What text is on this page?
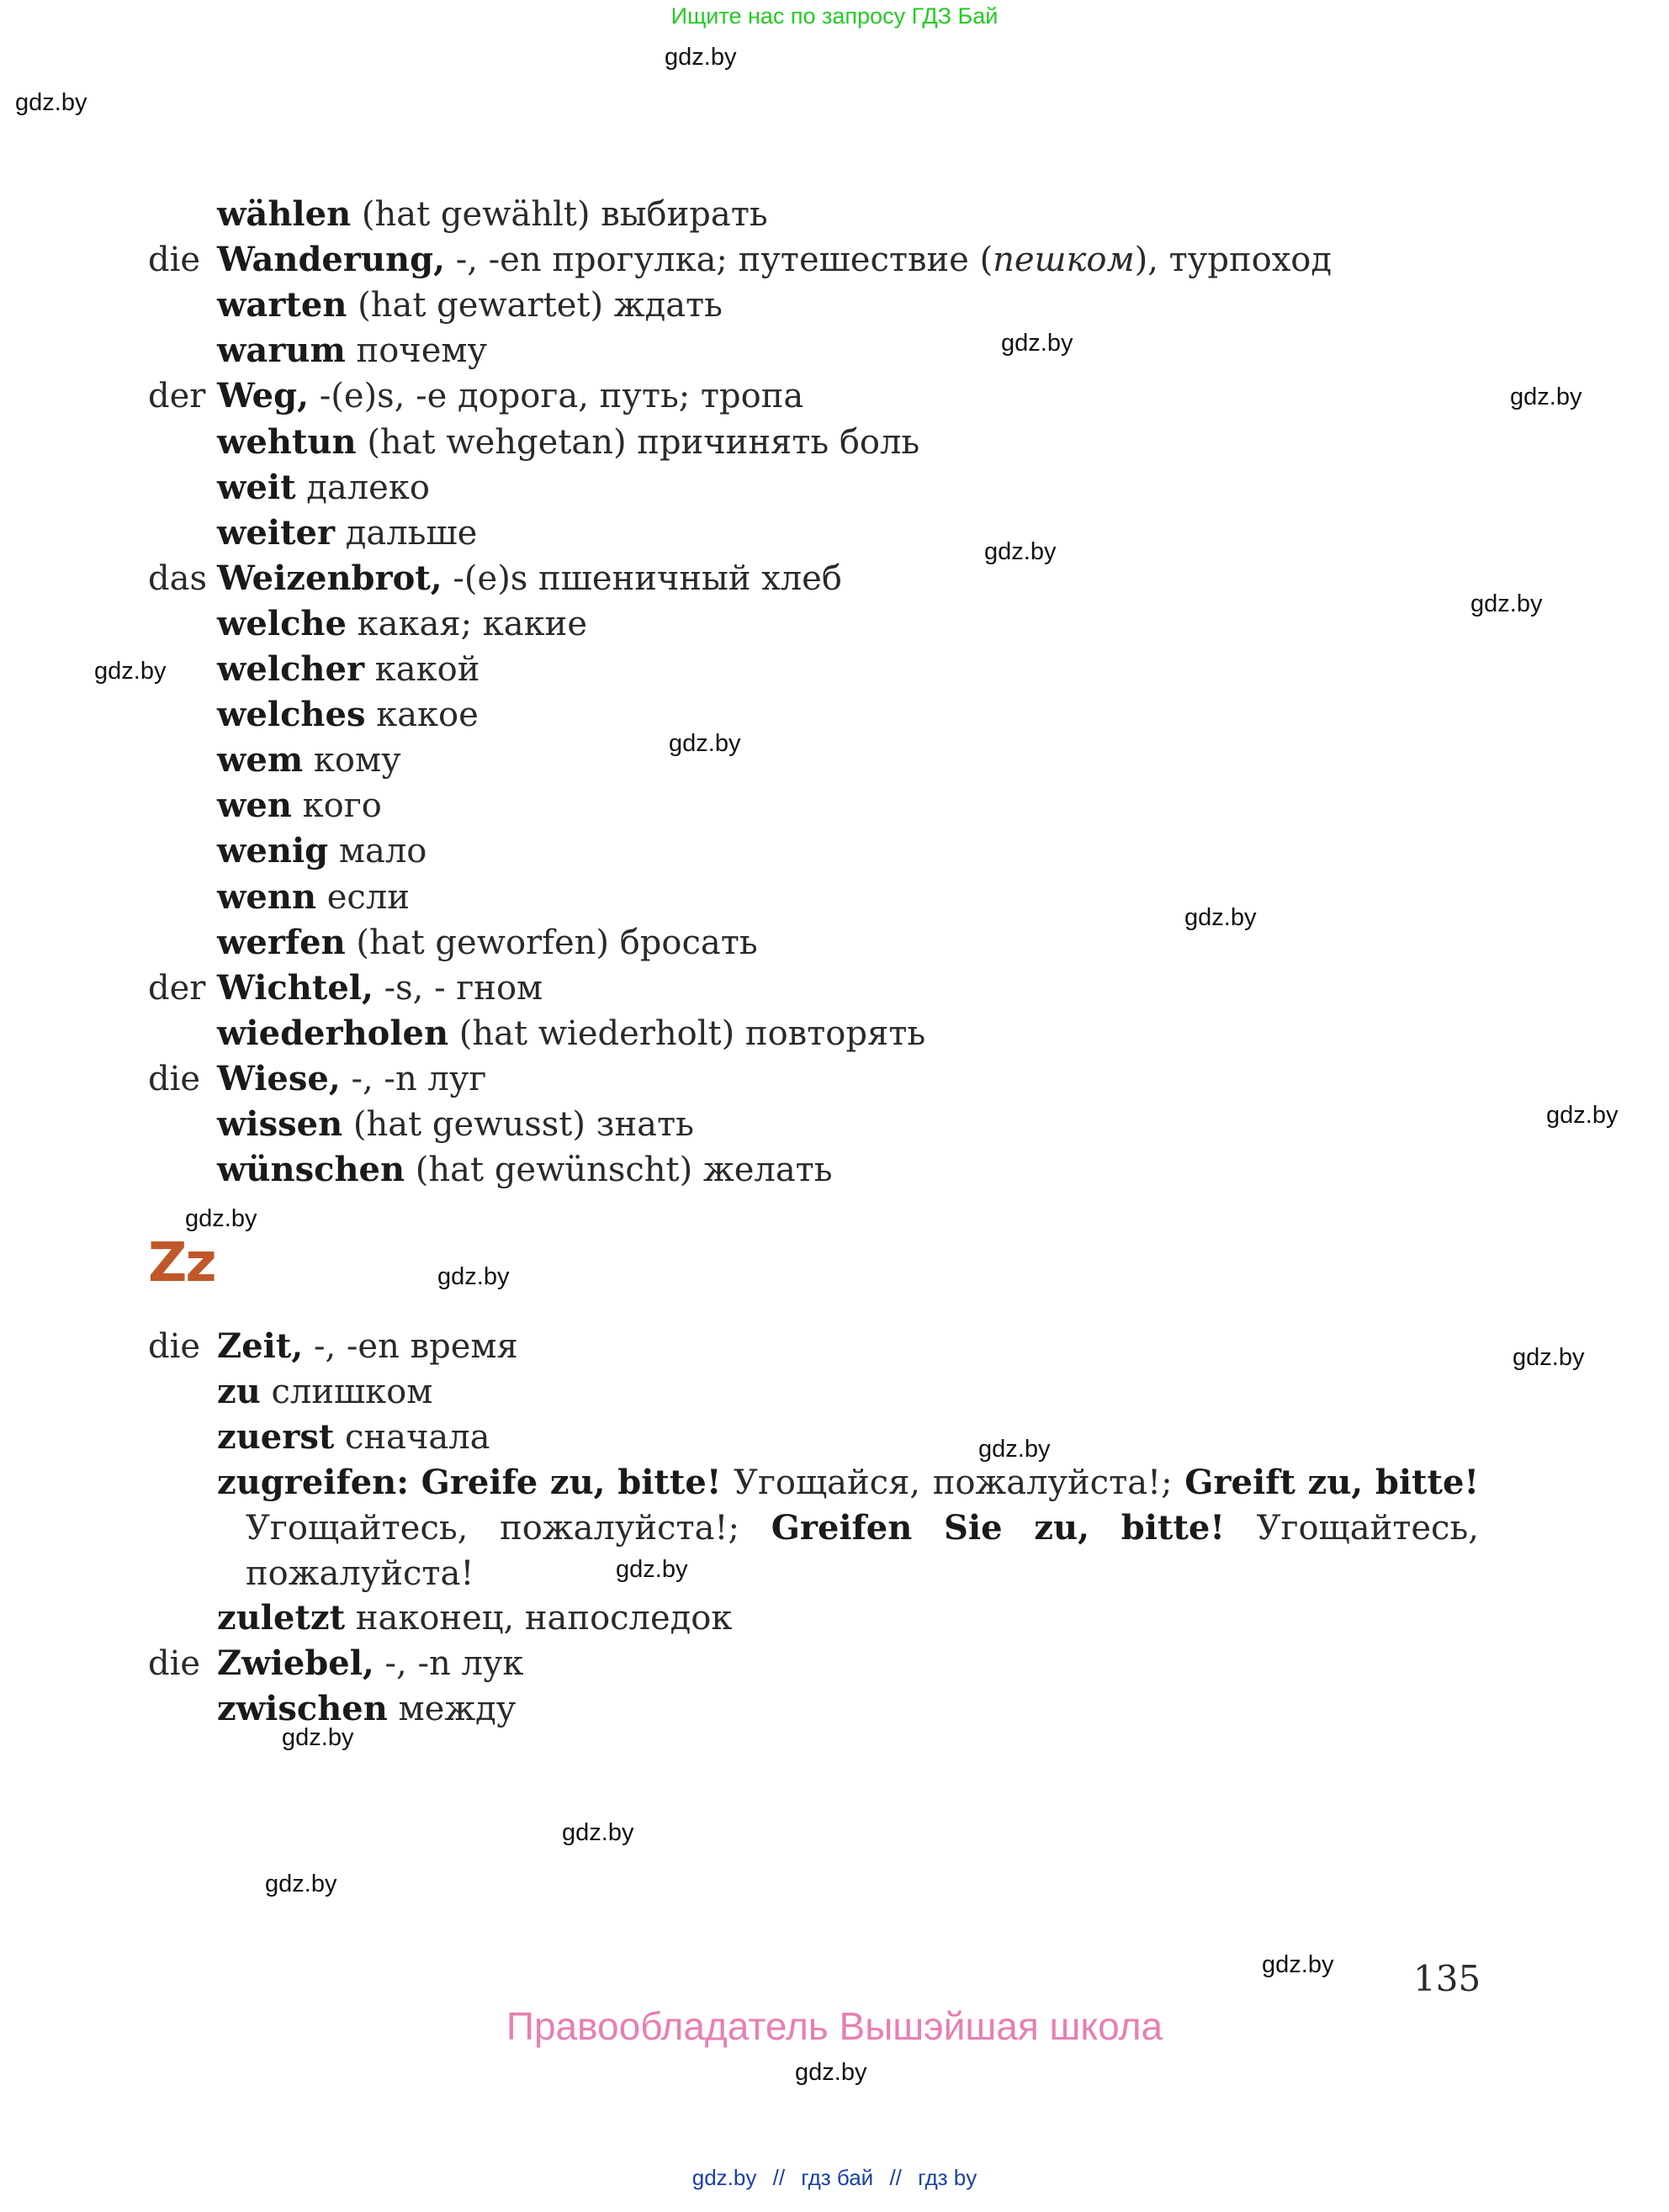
Ищите нас по запросу ГДЗ Бай
wählen (hat gewählt) выбирать
die Wanderung, -, -en прогулка; путешествие (пешком), турпоход
warten (hat gewartet) ждать
warum почему
der Weg, -(e)s, -e дорога, путь; тропа
wehtun (hat wehgetan) причинять боль
weit далеко
weiter дальше
das Weizenbrot, -(e)s пшеничный хлеб
welche какая; какие
welcher какой
welches какое
wem кому
wen кого
wenig мало
wenn если
werfen (hat geworfen) бросать
der Wichtel, -s, - гном
wiederholen (hat wiederholt) повторять
die Wiese, -, -n луг
wissen (hat gewusst) знать
wünschen (hat gewünscht) желать
die Zeit, -, -en время
zu слишком
zuerst сначала
zuletzt наконец, напоследок
die Zwiebel, -, -n лук
zwischen между
zugreifen: Greife zu, bitte! Угощайся, пожалуйста!; Greift zu, bitte!
Угощайтесь, пожалуйста!; Greifen Sie zu, bitte! Угощайтесь,
пожалуйста!
Zz
135
Правообладатель Вышэйшая школа
gdz.by // гдз бай // гдз by
gdz.by
gdz.by
gdz.by
gdz.by
gdz.by
gdz.by
gdz.by
gdz.by
gdz.by
gdz.by
gdz.by
gdz.by
gdz.by
gdz.by
gdz.by
gdz.by
gdz.by
gdz.by
gdz.by
gdz.by
